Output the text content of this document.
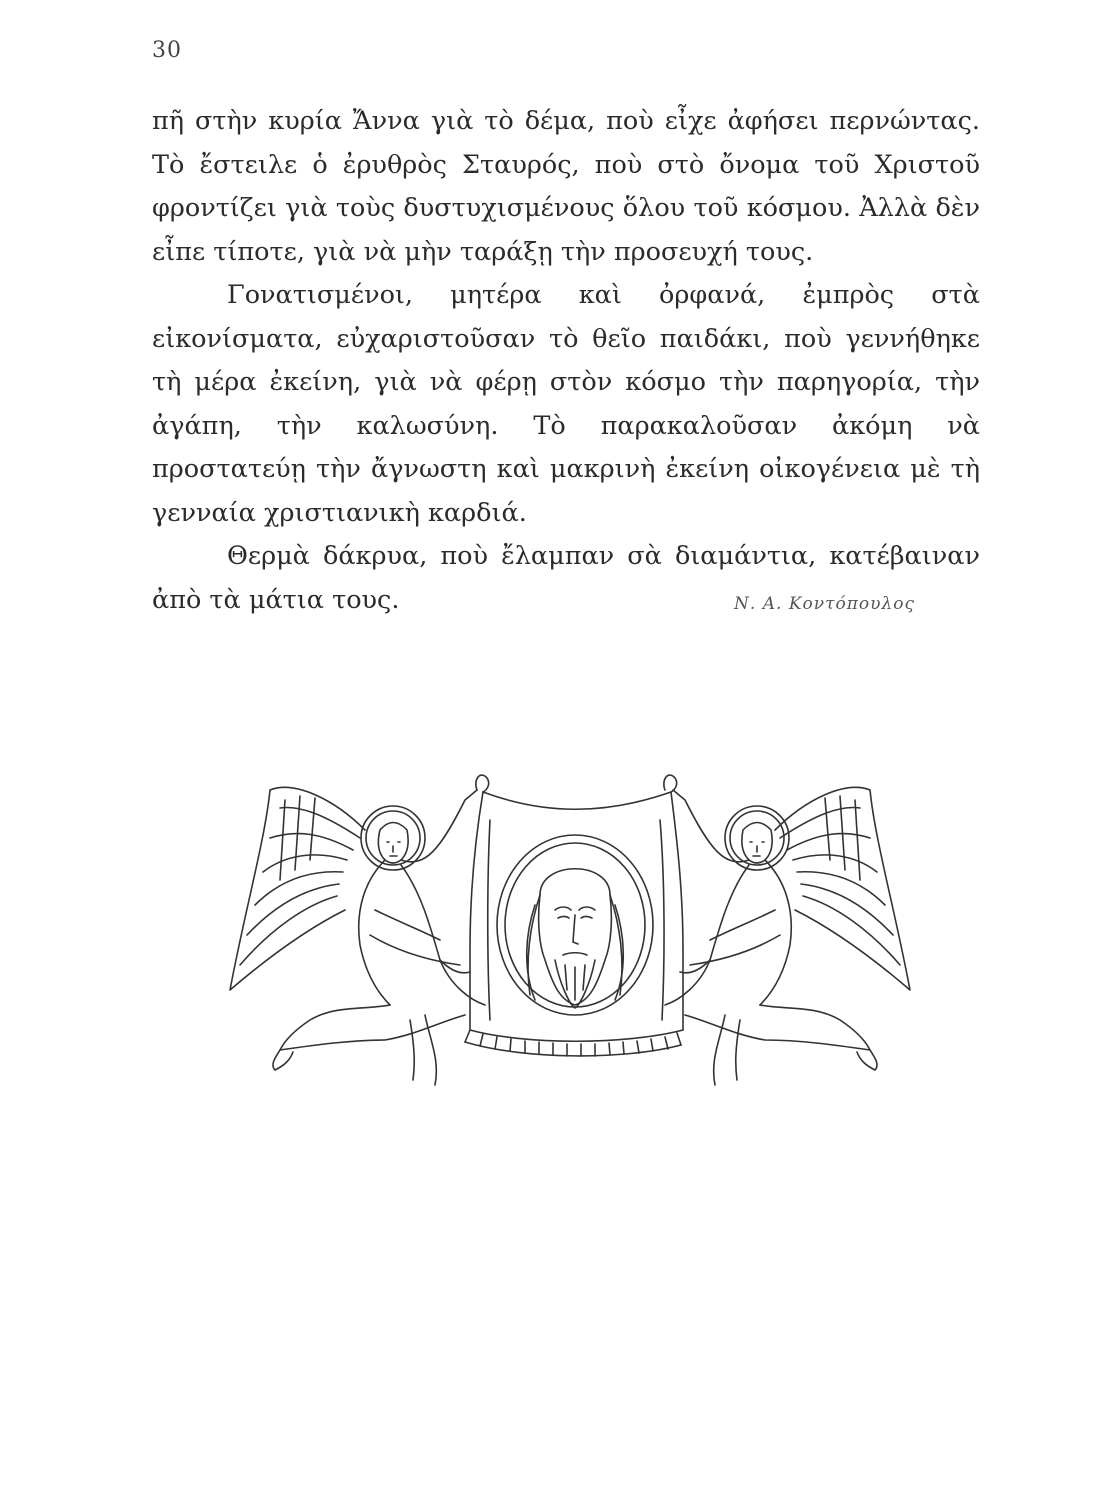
30

πῆ στὴν κυρία Ἄννα γιὰ τὸ δέμα, ποὺ εἶχε ἀφήσει περνώντας. Τὸ ἔστειλε ὁ ἐρυθρὸς Σταυρός, ποὺ στὸ ὄνομα τοῦ Χριστοῦ φροντίζει γιὰ τοὺς δυστυχισμένους ὅλου τοῦ κόσμου. Ἀλλὰ δὲν εἶπε τίποτε, γιὰ νὰ μὴν ταράξῃ τὴν προσευχή τους.

Γονατισμένοι, μητέρα καὶ ὀρφανά, ἐμπρὸς στὰ εἰκονίσματα, εὐχαριστοῦσαν τὸ θεῖο παιδάκι, ποὺ γεννήθηκε τὴ μέρα ἐκείνη, γιὰ νὰ φέρῃ στὸν κόσμο τὴν παρηγορία, τὴν ἀγάπη, τὴν καλωσύνη. Τὸ παρακαλοῦσαν ἀκόμη νὰ προστατεύῃ τὴν ἄγνωστη καὶ μακρινὴ ἐκείνη οἰκογένεια μὲ τὴ γενναία χριστιανικὴ καρδιά.

Θερμὰ δάκρυα, ποὺ ἔλαμπαν σὰ διαμάντια, κατέβαιναν ἀπὸ τὰ μάτια τους.	Ν. Α. Κοντόπουλος
